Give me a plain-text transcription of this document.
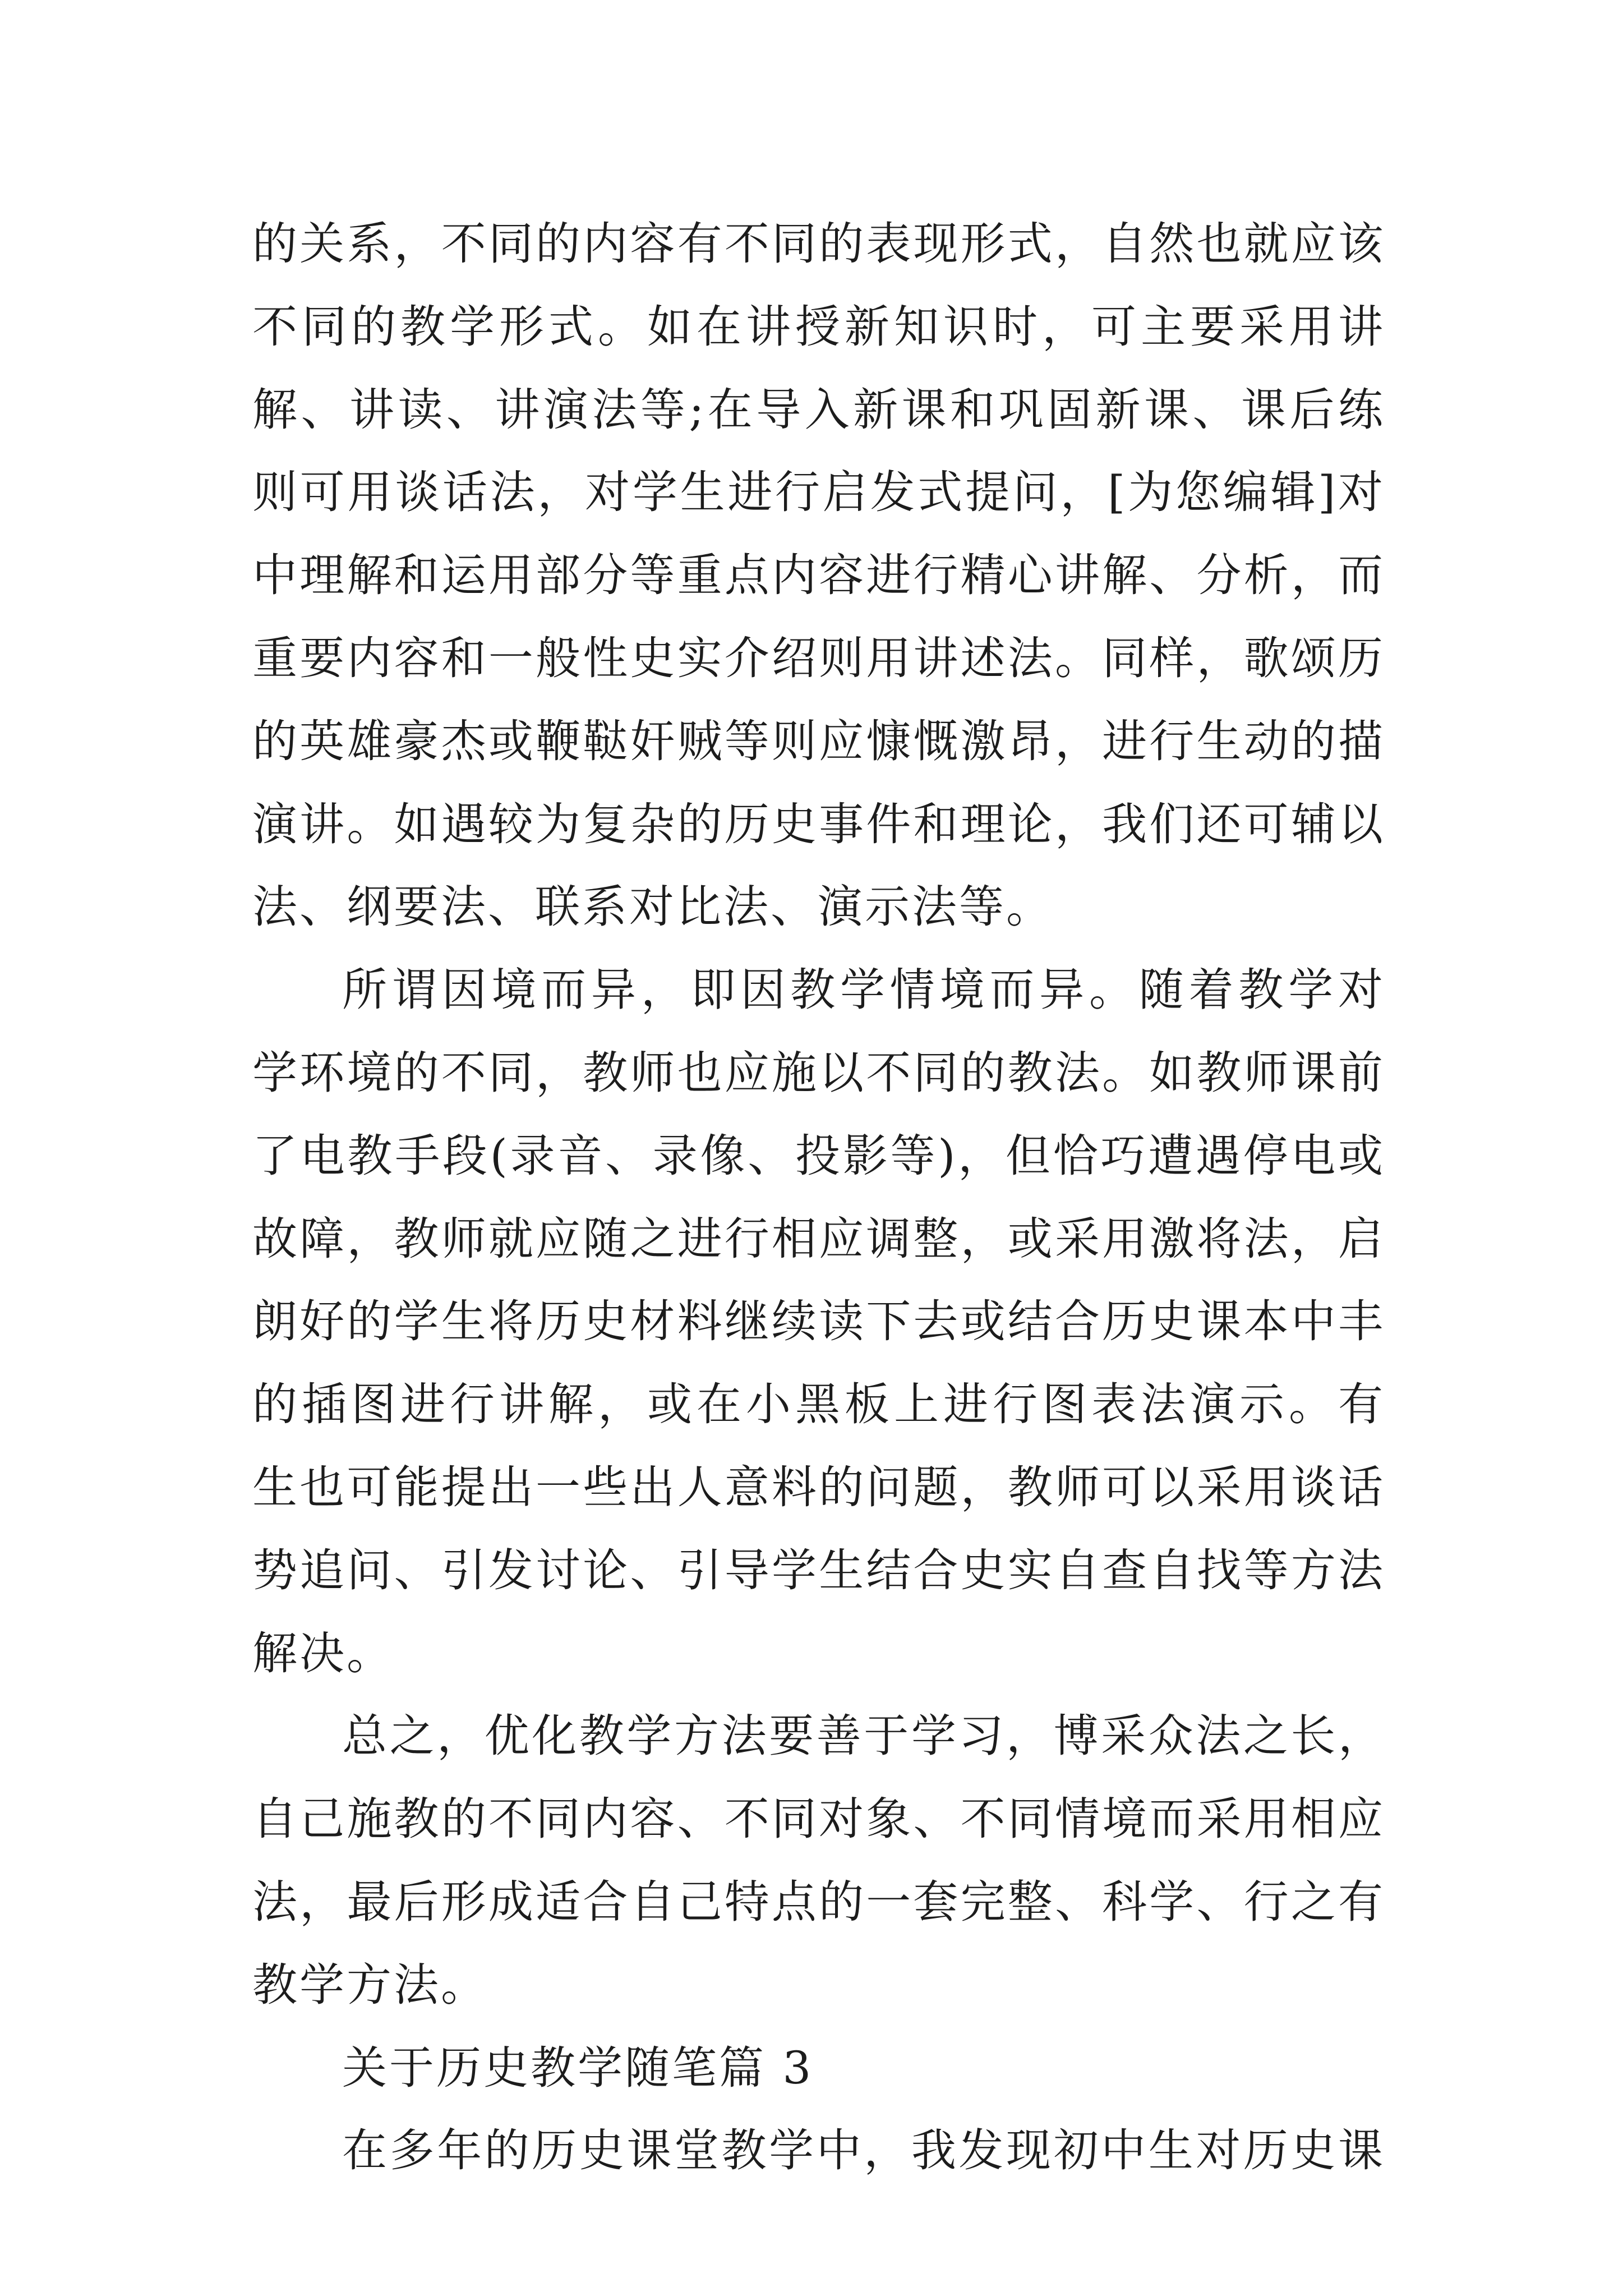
的关系，不同的内容有不同的表现形式，自然也就应该
不同的教学形式。如在讲授新知识时，可主要采用讲
解、讲读、讲演法等;在导入新课和巩固新课、课后练
则可用谈话法，对学生进行启发式提问，[为您编辑]对
中理解和运用部分等重点内容进行精心讲解、分析，而
重要内容和一般性史实介绍则用讲述法。同样，歌颂历
的英雄豪杰或鞭鞑奸贼等则应慷慨激昂，进行生动的描
演讲。如遇较为复杂的历史事件和理论，我们还可辅以
法、纲要法、联系对比法、演示法等。
所谓因境而异，即因教学情境而异。随着教学对
学环境的不同，教师也应施以不同的教法。如教师课前
了电教手段(录音、录像、投影等)，但恰巧遭遇停电或
故障，教师就应随之进行相应调整，或采用激将法，启
朗好的学生将历史材料继续读下去或结合历史课本中丰
的插图进行讲解，或在小黑板上进行图表法演示。有
生也可能提出一些出人意料的问题，教师可以采用谈话
势追问、引发讨论、引导学生结合史实自查自找等方法
解决。
总之，优化教学方法要善于学习，博采众法之长，
自己施教的不同内容、不同对象、不同情境而采用相应
法，最后形成适合自己特点的一套完整、科学、行之有
教学方法。
关于历史教学随笔篇 3
在多年的历史课堂教学中，我发现初中生对历史课
